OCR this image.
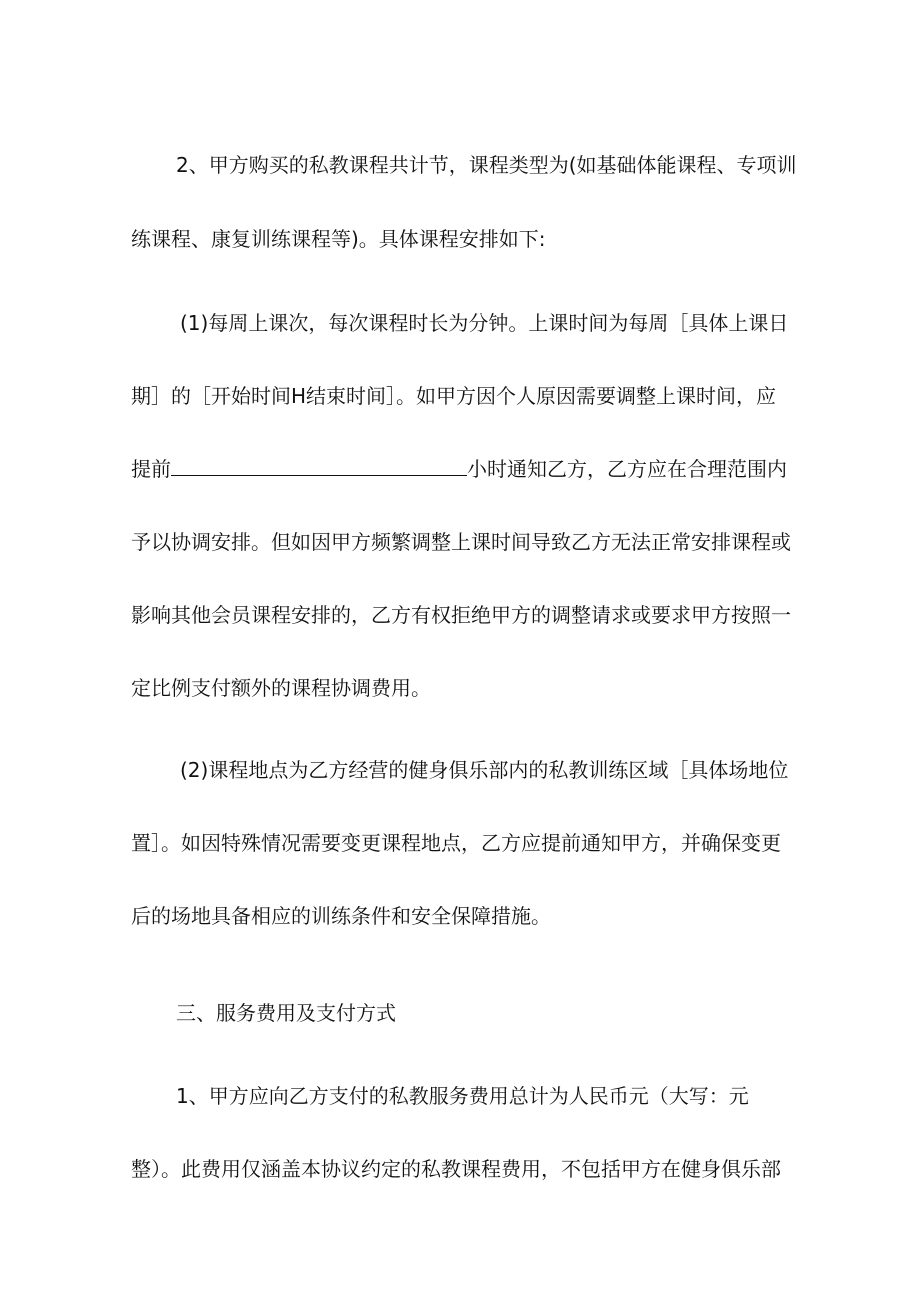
2、甲方购买的私教课程共计节，课程类型为(如基础体能课程、专项训
练课程、康复训练课程等)。具体课程安排如下:
(1)每周上课次，每次课程时长为分钟。上课时间为每周［具体上课日
期］的［开始时间H结束时间］。如甲方因个人原因需要调整上课时间，应
提前	小时通知乙方，乙方应在合理范围内
予以协调安排。但如因甲方频繁调整上课时间导致乙方无法正常安排课程或
影响其他会员课程安排的，乙方有权拒绝甲方的调整请求或要求甲方按照一
定比例支付额外的课程协调费用。
(2)课程地点为乙方经营的健身俱乐部内的私教训练区域［具体场地位
置］。如因特殊情况需要变更课程地点，乙方应提前通知甲方，并确保变更
后的场地具备相应的训练条件和安全保障措施。
三、服务费用及支付方式
1、甲方应向乙方支付的私教服务费用总计为人民币元（大写：元
整）。此费用仅涵盖本协议约定的私教课程费用，不包括甲方在健身俱乐部
